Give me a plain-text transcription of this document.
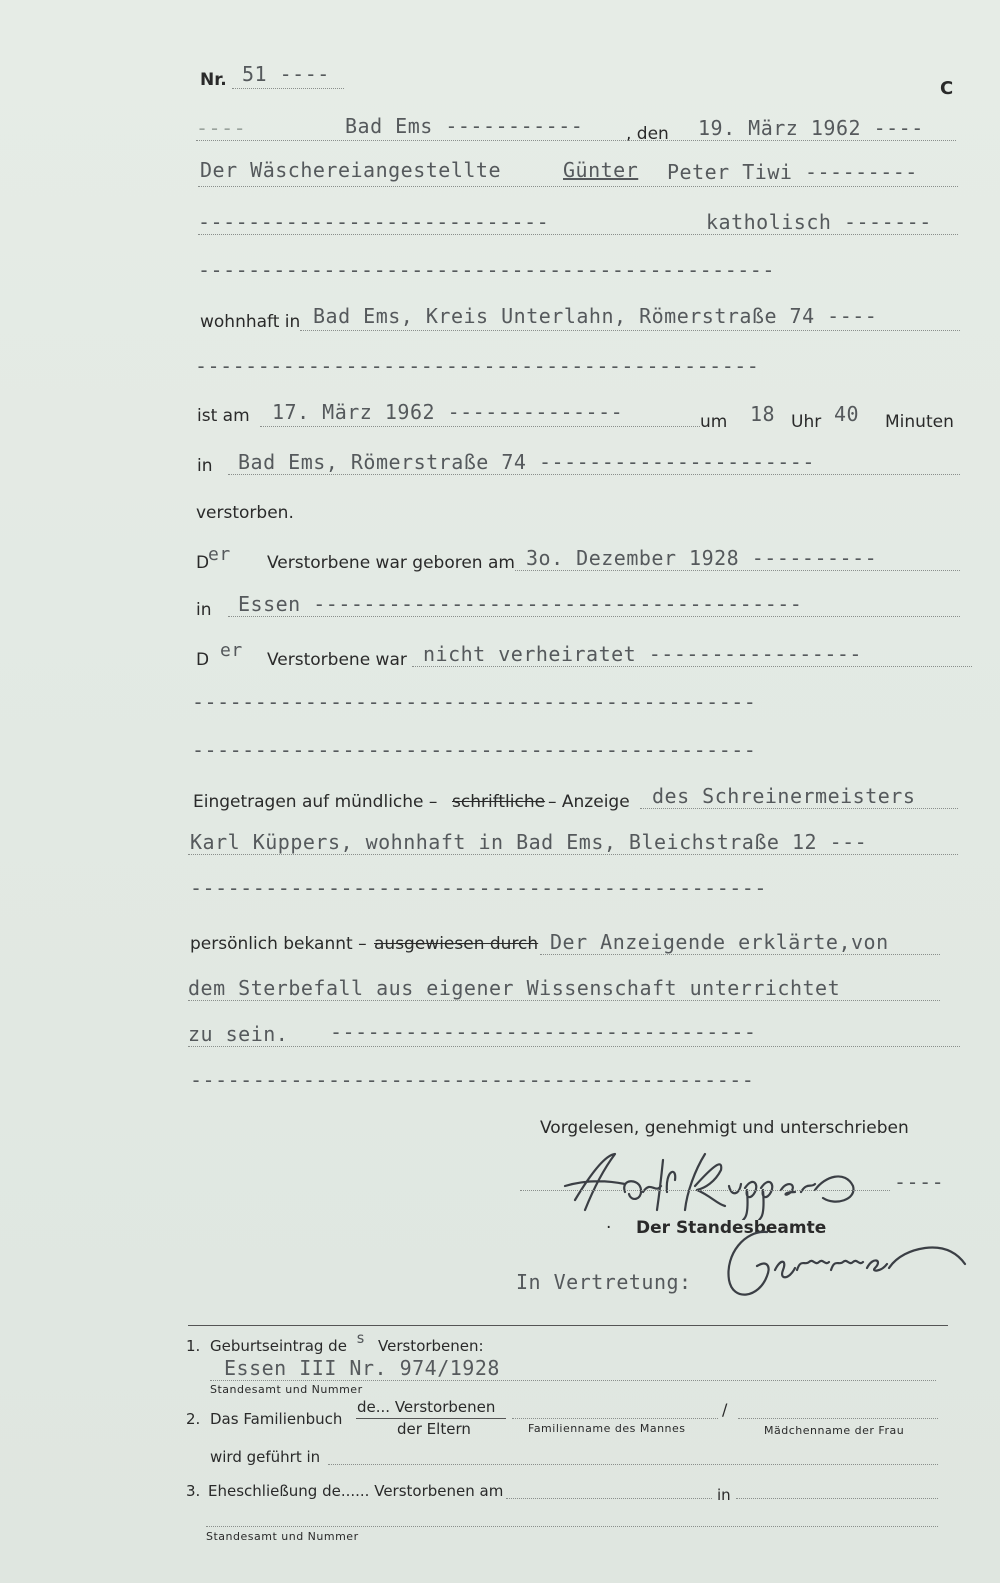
Nr. 51 ----
C
----	Bad Ems -----------	, den 19. März 1962 ----
Der Wäschereiangestellte	Günter Peter Tiwi ---------
----------------------------	katholisch -------
----------------------------------------------
wohnhaft in Bad Ems, Kreis Unterlahn, Römerstraße 74 ----
---------------------------------------------
ist am 17. März 1962 --------------	um 18 Uhr 40 Minuten
in Bad Ems, Römerstraße 74 ----------------------
verstorben.
D
er Verstorbene war geboren am 3o. Dezember 1928 ----------
in Essen ---------------------------------------
D er Verstorbene war nicht verheiratet -----------------
---------------------------------------------
---------------------------------------------
Eingetragen auf mündliche – schriftliche – Anzeige des Schreinermeisters
Karl Küppers, wohnhaft in Bad Ems, Bleichstraße 12 ---
----------------------------------------------
persönlich bekannt – ausgewiesen durch Der Anzeigende erklärte,von
dem Sterbefall aus eigener Wissenschaft unterrichtet
zu sein. ----------------------------------
---------------------------------------------
Vorgelesen, genehmigt und unterschrieben
----
· Der Standesbeamte
In Vertretung:
1. Geburtseintrag de s Verstorbenen:
Essen III Nr. 974/1928
Standesamt und Nummer
2. Das Familienbuch
de... Verstorbenen
der Eltern
/
Familienname des Mannes	Mädchenname der Frau
wird geführt in
3. Eheschließung de...... Verstorbenen am	in
Standesamt und Nummer
